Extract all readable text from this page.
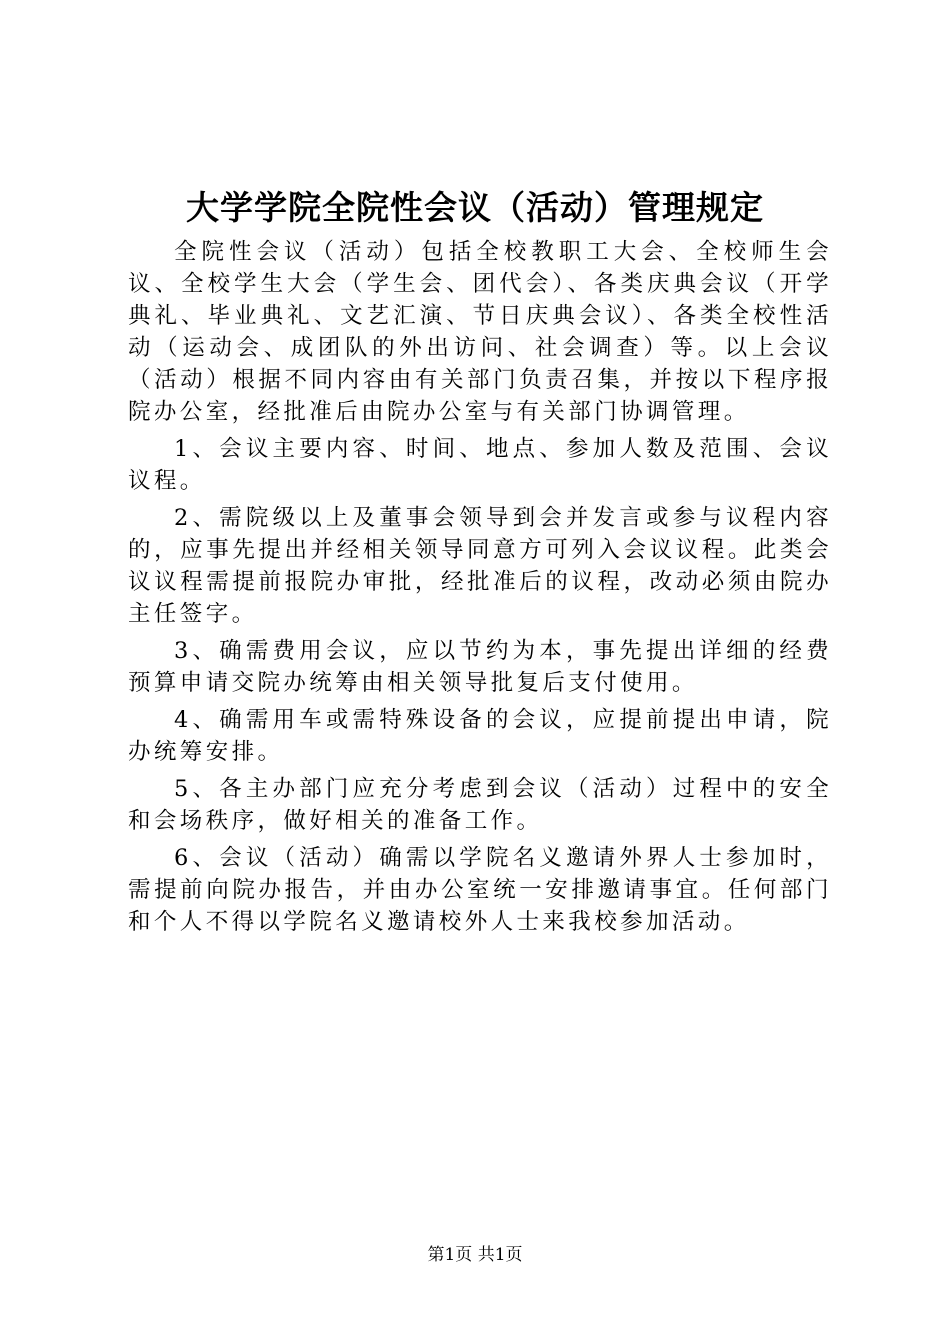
大学学院全院性会议（活动）管理规定

全院性会议（活动）包括全校教职工大会、全校师生会议、全校学生大会（学生会、团代会）、各类庆典会议（开学典礼、毕业典礼、文艺汇演、节日庆典会议）、各类全校性活动（运动会、成团队的外出访问、社会调查）等。以上会议（活动）根据不同内容由有关部门负责召集，并按以下程序报院办公室，经批准后由院办公室与有关部门协调管理。

1、会议主要内容、时间、地点、参加人数及范围、会议议程。

2、需院级以上及董事会领导到会并发言或参与议程内容的，应事先提出并经相关领导同意方可列入会议议程。此类会议议程需提前报院办审批，经批准后的议程，改动必须由院办主任签字。

3、确需费用会议，应以节约为本，事先提出详细的经费预算申请交院办统筹由相关领导批复后支付使用。

4、确需用车或需特殊设备的会议，应提前提出申请，院办统筹安排。

5、各主办部门应充分考虑到会议（活动）过程中的安全和会场秩序，做好相关的准备工作。

6、会议（活动）确需以学院名义邀请外界人士参加时，需提前向院办报告，并由办公室统一安排邀请事宜。任何部门和个人不得以学院名义邀请校外人士来我校参加活动。

第1页 共1页
